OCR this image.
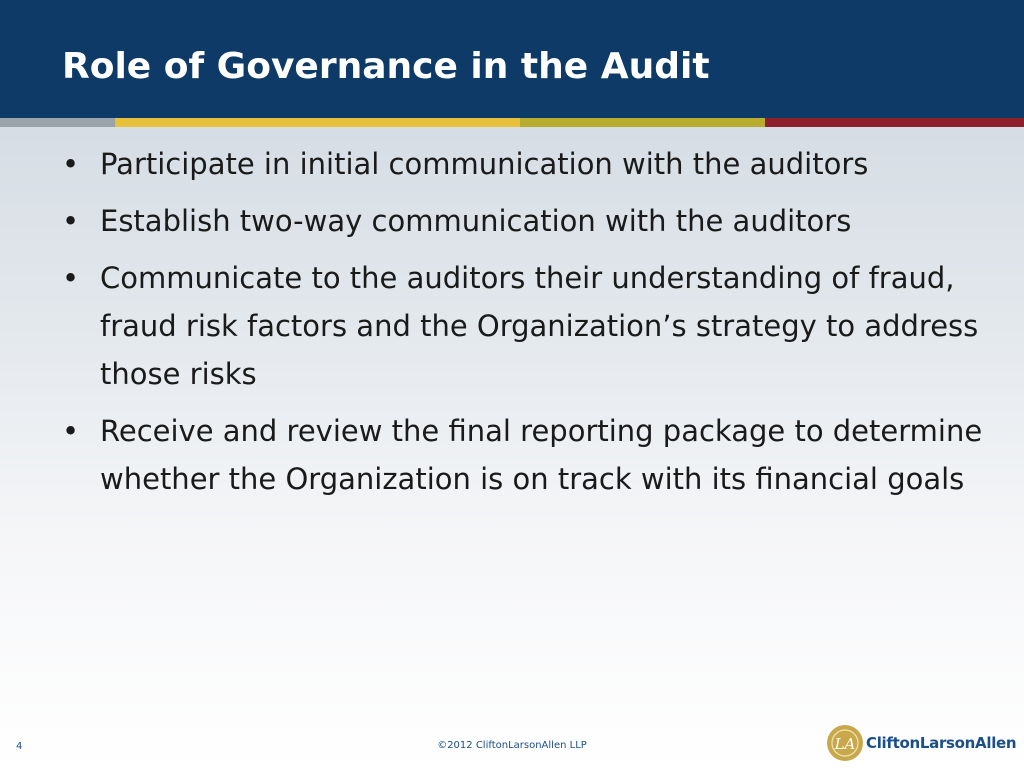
Role of Governance in the Audit
• Participate in initial communication with the auditors
• Establish two-way communication with the auditors
• Communicate to the auditors their understanding of fraud, fraud risk factors and the Organization’s strategy to address those risks
• Receive and review the final reporting package to determine whether the Organization is on track with its financial goals
4	©2012 CliftonLarsonAllen LLP	LA CliftonLarsonAllen
